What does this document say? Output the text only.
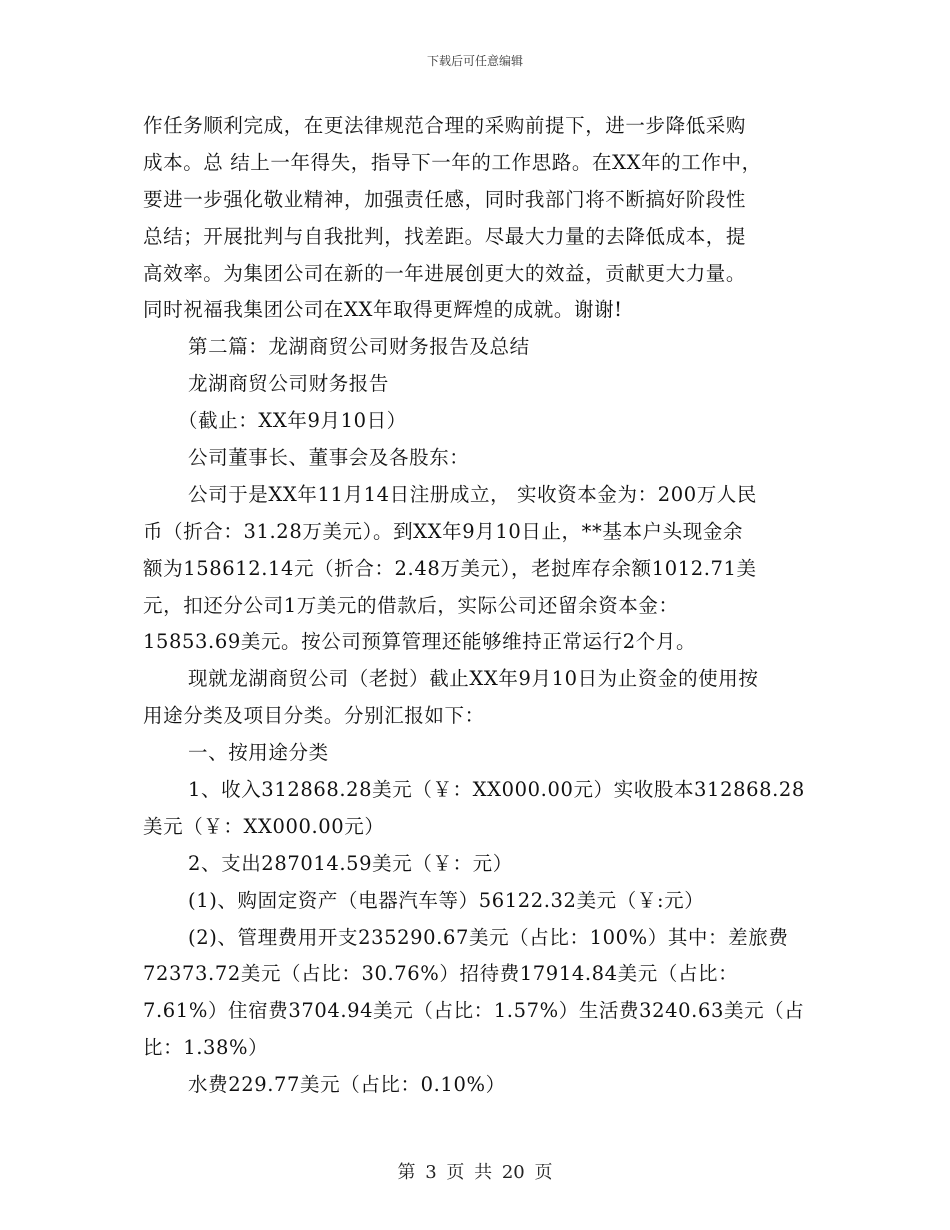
下载后可任意编辑
作任务顺利完成，在更法律规范合理的采购前提下，进一步降低采购
成本。总 结上一年得失，指导下一年的工作思路。在XX年的工作中，
要进一步强化敬业精神，加强责任感，同时我部门将不断搞好阶段性
总结；开展批判与自我批判，找差距。尽最大力量的去降低成本，提
高效率。为集团公司在新的一年进展创更大的效益，贡献更大力量。
同时祝福我集团公司在XX年取得更辉煌的成就。谢谢!
第二篇：龙湖商贸公司财务报告及总结
龙湖商贸公司财务报告
（截止：XX年9月10日）
公司董事长、董事会及各股东：
公司于是XX年11月14日注册成立， 实收资本金为：200万人民
币（折合：31.28万美元）。到XX年9月10日止，**基本户头现金余
额为158612.14元（折合：2.48万美元），老挝库存余额1012.71美
元，扣还分公司1万美元的借款后，实际公司还留余资本金：
15853.69美元。按公司预算管理还能够维持正常运行2个月。
现就龙湖商贸公司（老挝）截止XX年9月10日为止资金的使用按
用途分类及项目分类。分别汇报如下：
一、按用途分类
1、收入312868.28美元（￥：XX000.00元）实收股本312868.28
美元（￥：XX000.00元）
2、支出287014.59美元（￥：元）
(1)、购固定资产（电器汽车等）56122.32美元（￥:元）
(2)、管理费用开支235290.67美元（占比：100%）其中：差旅费
72373.72美元（占比：30.76%）招待费17914.84美元（占比：
7.61%）住宿费3704.94美元（占比：1.57%）生活费3240.63美元（占
比：1.38%）
水费229.77美元（占比：0.10%）
第 3 页 共 20 页
